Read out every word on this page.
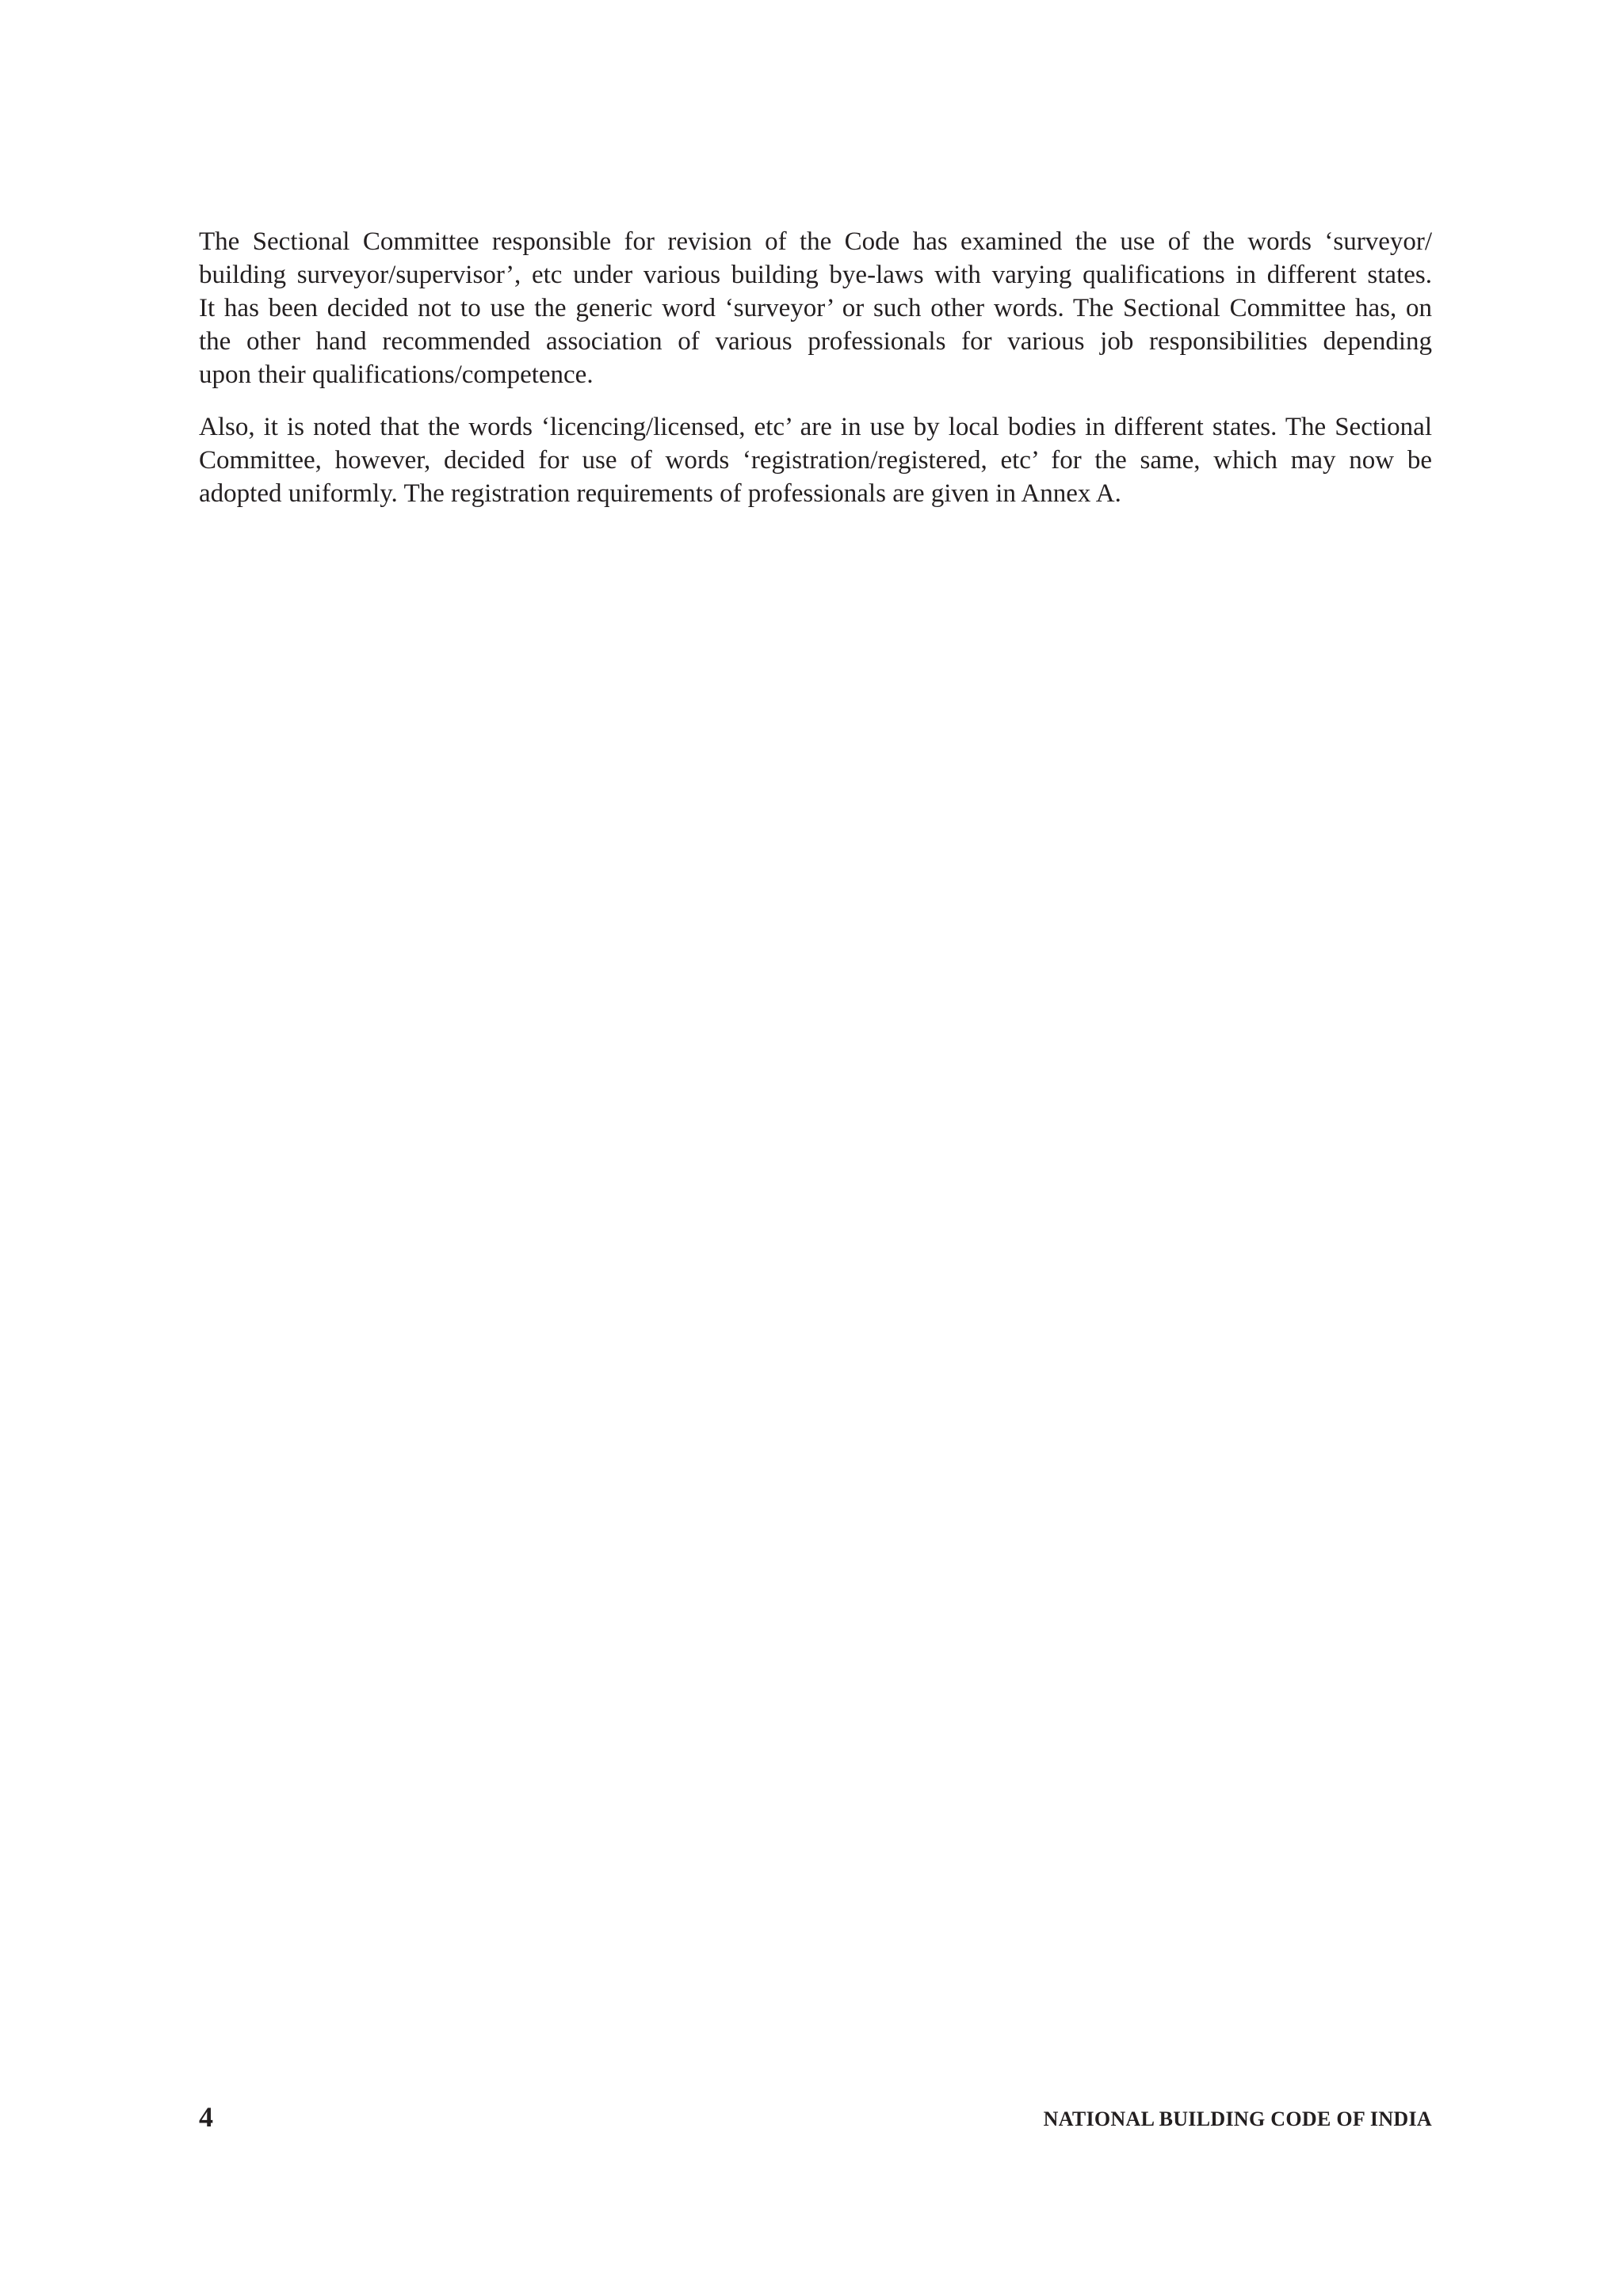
The Sectional Committee responsible for revision of the Code has examined the use of the words ‘surveyor/
building surveyor/supervisor’, etc under various building bye-laws with varying qualifications in different states.
It has been decided not to use the generic word ‘surveyor’ or such other words. The Sectional Committee has, on
the other hand recommended association of various professionals for various job responsibilities depending
upon their qualifications/competence.

Also, it is noted that the words ‘licencing/licensed, etc’ are in use by local bodies in different states. The Sectional
Committee, however, decided for use of words ‘registration/registered, etc’ for the same, which may now be
adopted uniformly. The registration requirements of professionals are given in Annex A.

4	NATIONAL BUILDING CODE OF INDIA
